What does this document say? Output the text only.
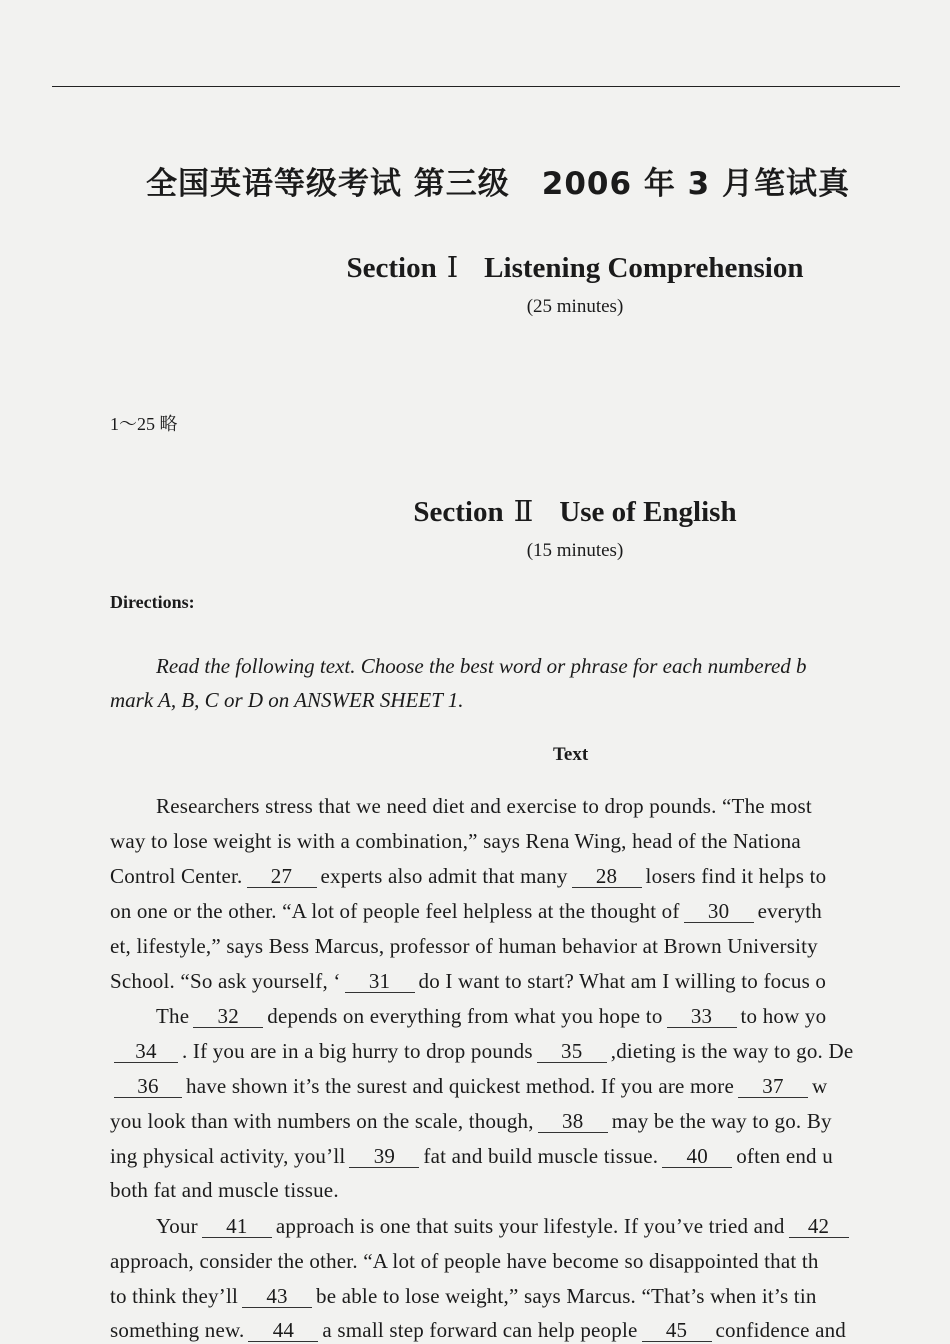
全国英语等级考试 第三级　2006 年 3 月笔试真
Section Ⅰ Listening Comprehension
(25 minutes)
1～25 略
Section Ⅱ Use of English
(15 minutes)
Directions:
Read the following text. Choose the best word or phrase for each numbered b
mark A, B, C or D on ANSWER SHEET 1.
Text
Researchers stress that we need diet and exercise to drop pounds. “The most
way to lose weight is with a combination,” says Rena Wing, head of the Nationa
Control Center. 27 experts also admit that many 28 losers find it helps to
on one or the other. “A lot of people feel helpless at the thought of 30 everyth
et, lifestyle,” says Bess Marcus, professor of human behavior at Brown University
School. “So ask yourself, ‘ 31 do I want to start? What am I willing to focus o
The 32 depends on everything from what you hope to 33 to how yo
34 . If you are in a big hurry to drop pounds 35 ,dieting is the way to go. De
36 have shown it’s the surest and quickest method. If you are more 37 w
you look than with numbers on the scale, though, 38 may be the way to go. By
ing physical activity, you’ll 39 fat and build muscle tissue. 40 often end u
both fat and muscle tissue.
Your 41 approach is one that suits your lifestyle. If you’ve tried and 42
approach, consider the other. “A lot of people have become so disappointed that th
to think they’ll 43 be able to lose weight,” says Marcus. “That’s when it’s tin
something new. 44 a small step forward can help people 45 confidence and
